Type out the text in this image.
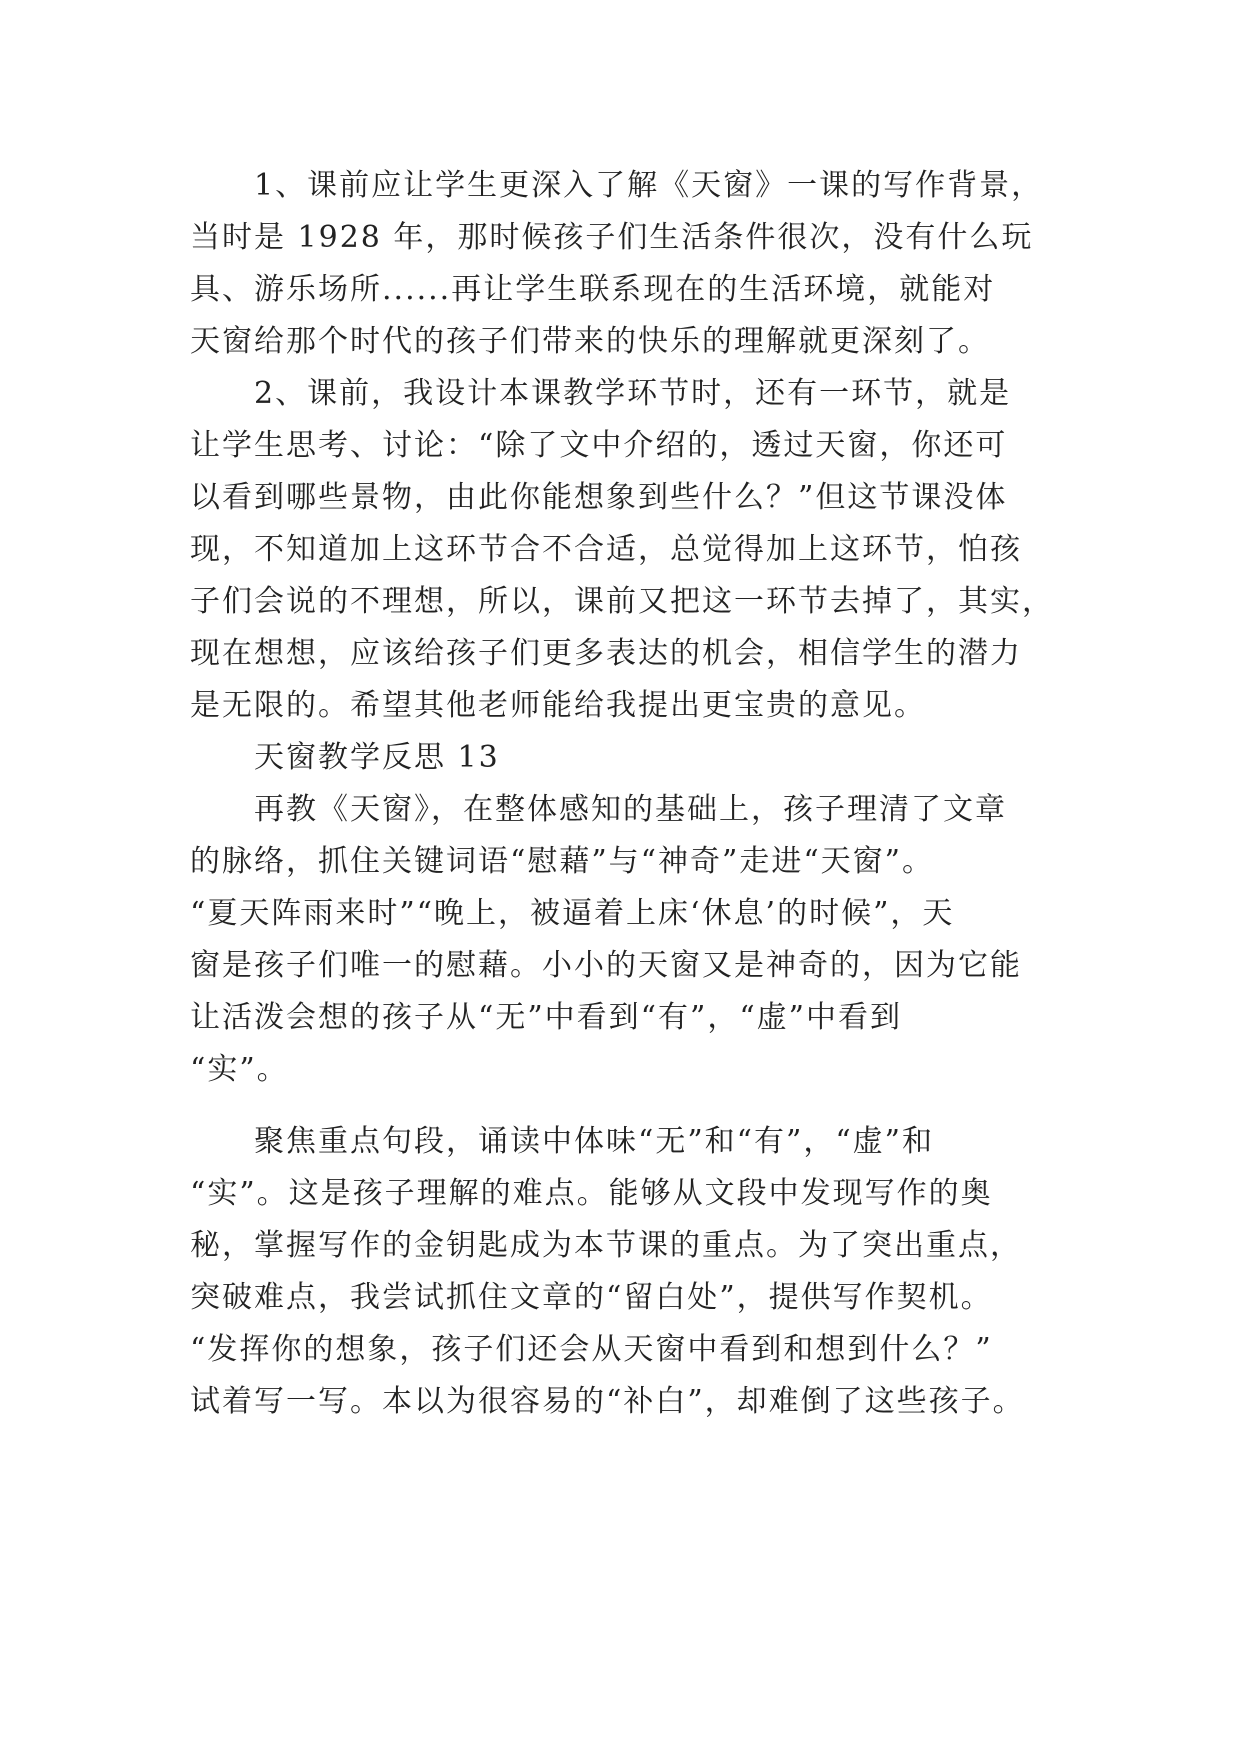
1、课前应让学生更深入了解《天窗》一课的写作背景，
当时是 1928 年，那时候孩子们生活条件很次，没有什么玩
具、游乐场所......再让学生联系现在的生活环境，就能对
天窗给那个时代的孩子们带来的快乐的理解就更深刻了。
2、课前，我设计本课教学环节时，还有一环节，就是
让学生思考、讨论：“除了文中介绍的，透过天窗，你还可
以看到哪些景物，由此你能想象到些什么？”但这节课没体
现，不知道加上这环节合不合适，总觉得加上这环节，怕孩
子们会说的不理想，所以，课前又把这一环节去掉了，其实，
现在想想，应该给孩子们更多表达的机会，相信学生的潜力
是无限的。希望其他老师能给我提出更宝贵的意见。
天窗教学反思 13
再教《天窗》，在整体感知的基础上，孩子理清了文章
的脉络，抓住关键词语“慰藉”与“神奇”走进“天窗”。
“夏天阵雨来时”“晚上，被逼着上床‘休息’的时候”，天
窗是孩子们唯一的慰藉。小小的天窗又是神奇的，因为它能
让活泼会想的孩子从“无”中看到“有”，“虚”中看到
“实”。
聚焦重点句段，诵读中体味“无”和“有”，“虚”和
“实”。这是孩子理解的难点。能够从文段中发现写作的奥
秘，掌握写作的金钥匙成为本节课的重点。为了突出重点，
突破难点，我尝试抓住文章的“留白处”，提供写作契机。
“发挥你的想象，孩子们还会从天窗中看到和想到什么？”
试着写一写。本以为很容易的“补白”，却难倒了这些孩子。
